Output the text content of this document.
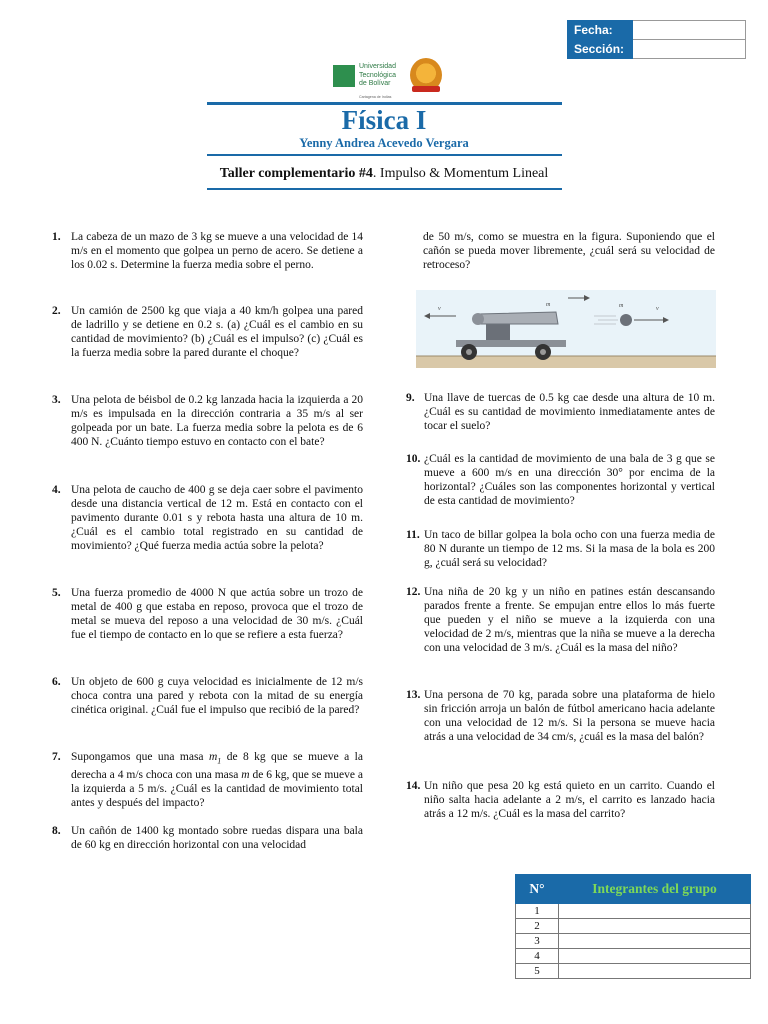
Fecha:	
Sección:	
Universidad
Tecnológica
de Bolívar
Cartagena de Indias
Física I
Yenny Andrea Acevedo Vergara
Taller complementario #4. Impulso & Momentum Lineal
1. La cabeza de un mazo de 3 kg se mueve a una velocidad de 14 m/s en el momento que golpea un perno de acero. Se detiene a los 0.02 s. Determine la fuerza media sobre el perno.
2. Un camión de 2500 kg que viaja a 40 km/h golpea una pared de ladrillo y se detiene en 0.2 s. (a) ¿Cuál es el cambio en su cantidad de movimiento? (b) ¿Cuál es el impulso? (c) ¿Cuál es la fuerza media sobre la pared durante el choque?
3. Una pelota de béisbol de 0.2 kg lanzada hacia la izquierda a 20 m/s es impulsada en la dirección contraria a 35 m/s al ser golpeada por un bate. La fuerza media sobre la pelota es de 6 400 N. ¿Cuánto tiempo estuvo en contacto con el bate?
4. Una pelota de caucho de 400 g se deja caer sobre el pavimento desde una distancia vertical de 12 m. Está en contacto con el pavimento durante 0.01 s y rebota hasta una altura de 10 m. ¿Cuál es el cambio total registrado en su cantidad de movimiento? ¿Qué fuerza media actúa sobre la pelota?
5. Una fuerza promedio de 4000 N que actúa sobre un trozo de metal de 400 g que estaba en reposo, provoca que el trozo de metal se mueva del reposo a una velocidad de 30 m/s. ¿Cuál fue el tiempo de contacto en lo que se refiere a esta fuerza?
6. Un objeto de 600 g cuya velocidad es inicialmente de 12 m/s choca contra una pared y rebota con la mitad de su energía cinética original. ¿Cuál fue el impulso que recibió de la pared?
7. Supongamos que una masa $m_1$ de 8 kg que se mueve a la derecha a 4 m/s choca con una masa m de 6 kg, que se mueve a la izquierda a 5 m/s. ¿Cuál es la cantidad de movimiento total antes y después del impacto?
8. Un cañón de 1400 kg montado sobre ruedas dispara una bala de 60 kg en dirección horizontal con una velocidad
de 50 m/s, como se muestra en la figura. Suponiendo que el cañón se pueda mover libremente, ¿cuál será su velocidad de retroceso?
v
m	m	v
9. Una llave de tuercas de 0.5 kg cae desde una altura de 10 m. ¿Cuál es su cantidad de movimiento inmediatamente antes de tocar el suelo?
10. ¿Cuál es la cantidad de movimiento de una bala de 3 g que se mueve a 600 m/s en una dirección 30° por encima de la horizontal? ¿Cuáles son las componentes horizontal y vertical de esta cantidad de movimiento?
11. Un taco de billar golpea la bola ocho con una fuerza media de 80 N durante un tiempo de 12 ms. Si la masa de la bola es 200 g, ¿cuál será su velocidad?
12. Una niña de 20 kg y un niño en patines están descansando parados frente a frente. Se empujan entre ellos lo más fuerte que pueden y el niño se mueve a la izquierda con una velocidad de 2 m/s, mientras que la niña se mueve a la derecha con una velocidad de 3 m/s. ¿Cuál es la masa del niño?
13. Una persona de 70 kg, parada sobre una plataforma de hielo sin fricción arroja un balón de fútbol americano hacia adelante con una velocidad de 12 m/s. Si la persona se mueve hacia atrás a una velocidad de 34 cm/s, ¿cuál es la masa del balón?
14. Un niño que pesa 20 kg está quieto en un carrito. Cuando el niño salta hacia adelante a 2 m/s, el carrito es lanzado hacia atrás a 12 m/s. ¿Cuál es la masa del carrito?
N°	Integrantes del grupo
1	
2	
3	
4	
5	
